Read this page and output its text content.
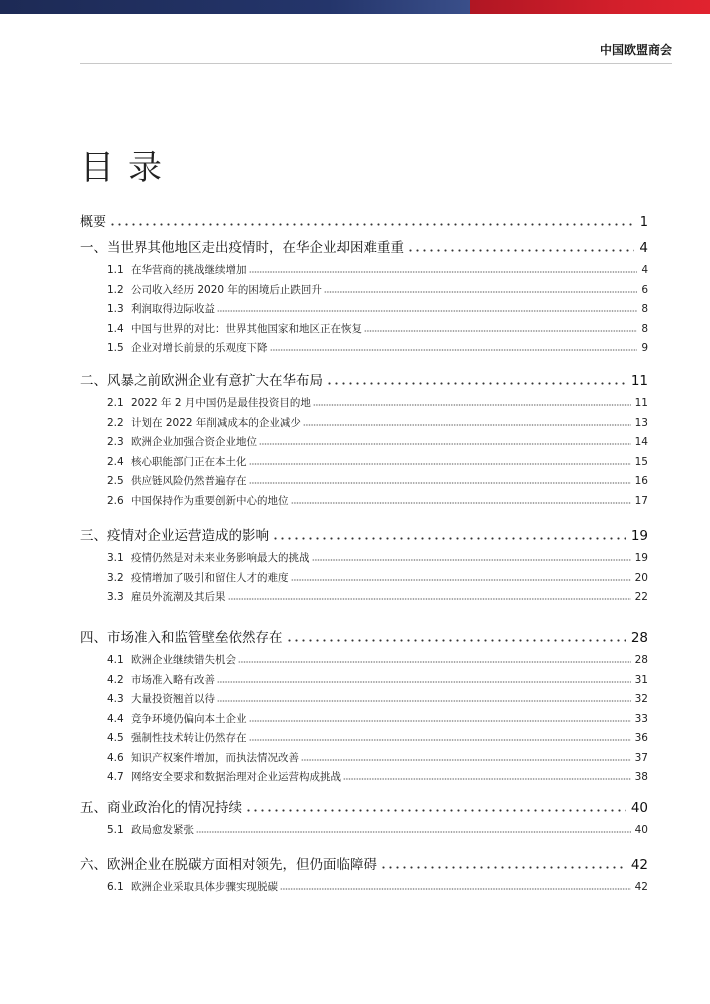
中国欧盟商会
目录
概要	1
一、当世界其他地区走出疫情时，在华企业却困难重重	4
1.1 在华营商的挑战继续增加	4
1.2 公司收入经历 2020 年的困境后止跌回升	6
1.3 利润取得边际收益	8
1.4 中国与世界的对比：世界其他国家和地区正在恢复	8
1.5 企业对增长前景的乐观度下降	9
二、风暴之前欧洲企业有意扩大在华布局	11
2.1 2022 年 2 月中国仍是最佳投资目的地	11
2.2 计划在 2022 年削减成本的企业减少	13
2.3 欧洲企业加强合资企业地位	14
2.4 核心职能部门正在本土化	15
2.5 供应链风险仍然普遍存在	16
2.6 中国保持作为重要创新中心的地位	17
三、疫情对企业运营造成的影响	19
3.1 疫情仍然是对未来业务影响最大的挑战	19
3.2 疫情增加了吸引和留住人才的难度	20
3.3 雇员外流潮及其后果	22
四、市场准入和监管壁垒依然存在	28
4.1 欧洲企业继续错失机会	28
4.2 市场准入略有改善	31
4.3 大量投资翘首以待	32
4.4 竞争环境仍偏向本土企业	33
4.5 强制性技术转让仍然存在	36
4.6 知识产权案件增加，而执法情况改善	37
4.7 网络安全要求和数据治理对企业运营构成挑战	38
五、商业政治化的情况持续	40
5.1 政局愈发紧张	40
六、欧洲企业在脱碳方面相对领先，但仍面临障碍	42
6.1 欧洲企业采取具体步骤实现脱碳	42
